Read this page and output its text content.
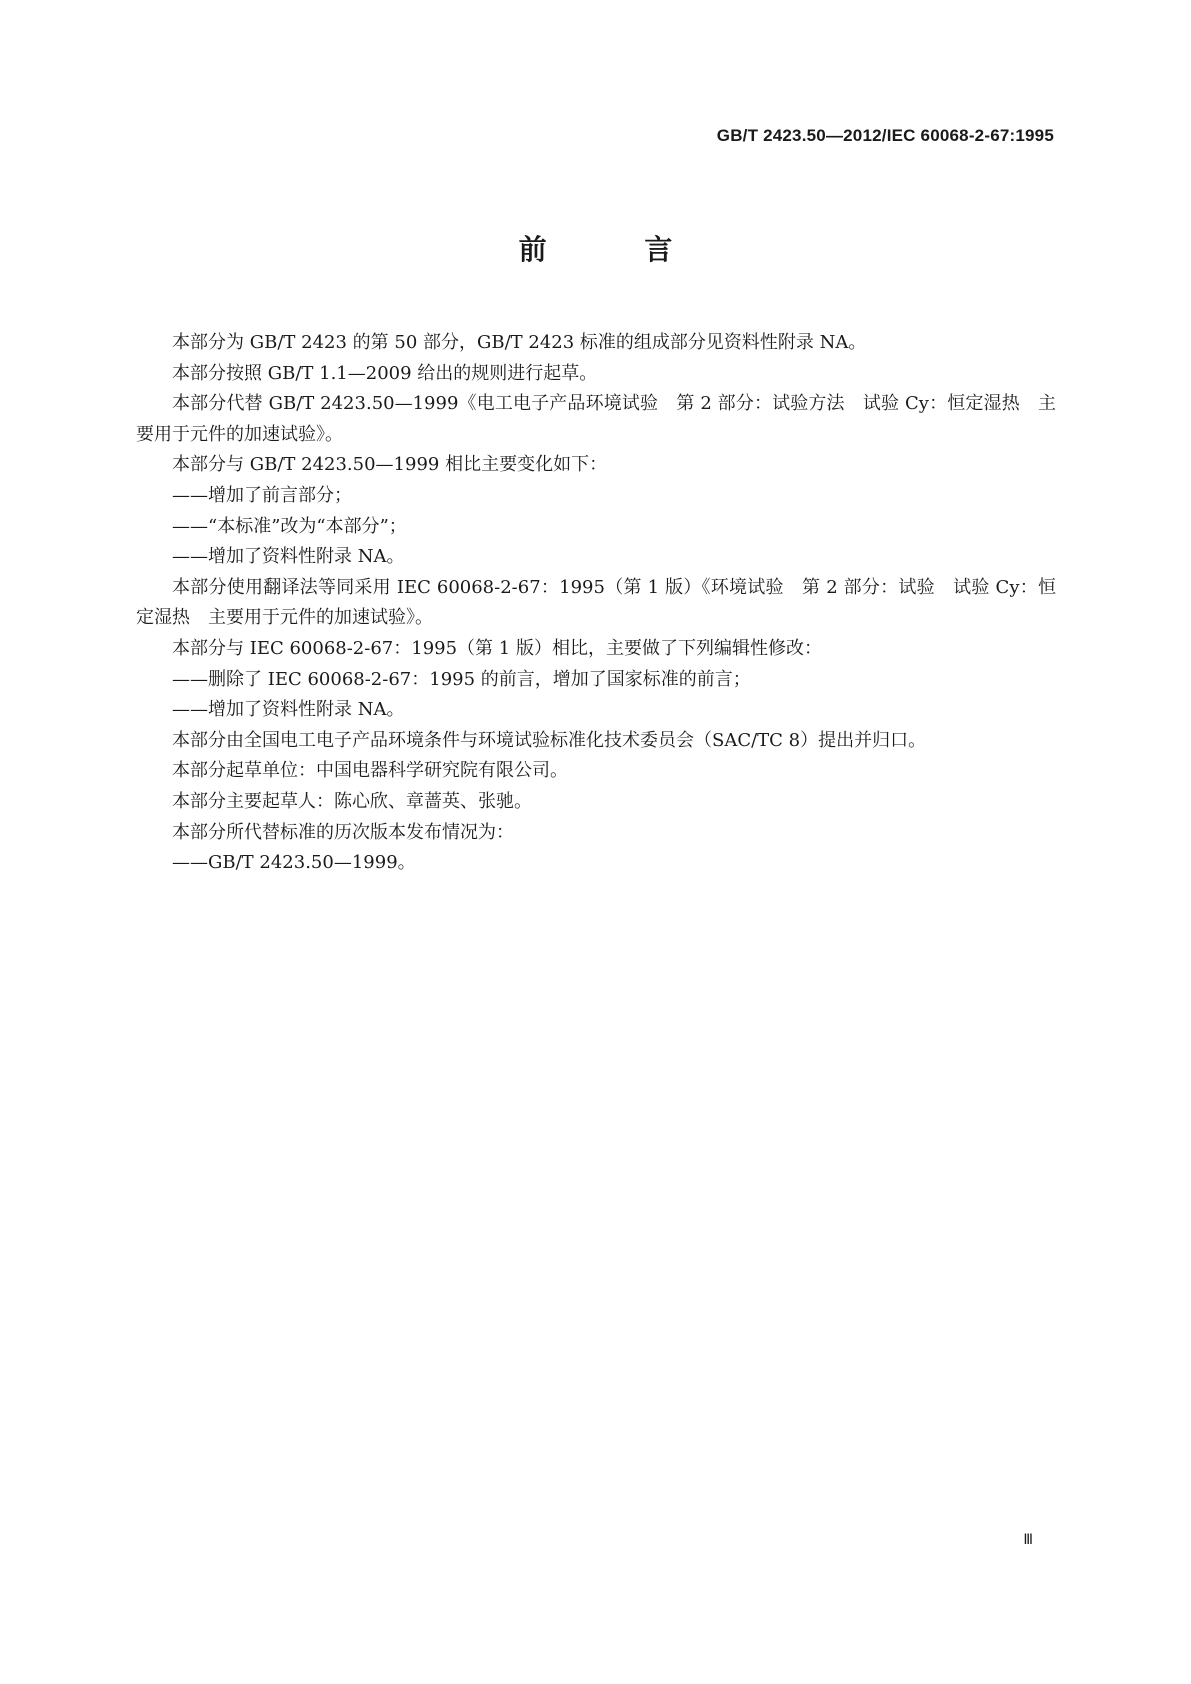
GB/T 2423.50—2012/IEC 60068-2-67:1995
前 言

本部分为 GB/T 2423 的第 50 部分，GB/T 2423 标准的组成部分见资料性附录 NA。

本部分按照 GB/T 1.1—2009 给出的规则进行起草。

本部分代替 GB/T 2423.50—1999《电工电子产品环境试验　第 2 部分：试验方法　试验 Cy：恒定湿热　主要用于元件的加速试验》。

本部分与 GB/T 2423.50—1999 相比主要变化如下：

——增加了前言部分；

——“本标准”改为“本部分”；

——增加了资料性附录 NA。

本部分使用翻译法等同采用 IEC 60068-2-67：1995（第 1 版）《环境试验　第 2 部分：试验　试验 Cy：恒定湿热　主要用于元件的加速试验》。

本部分与 IEC 60068-2-67：1995（第 1 版）相比，主要做了下列编辑性修改：

——删除了 IEC 60068-2-67：1995 的前言，增加了国家标准的前言；

——增加了资料性附录 NA。

本部分由全国电工电子产品环境条件与环境试验标准化技术委员会（SAC/TC 8）提出并归口。

本部分起草单位：中国电器科学研究院有限公司。

本部分主要起草人：陈心欣、章蔷英、张驰。

本部分所代替标准的历次版本发布情况为：

——GB/T 2423.50—1999。

Ⅲ
